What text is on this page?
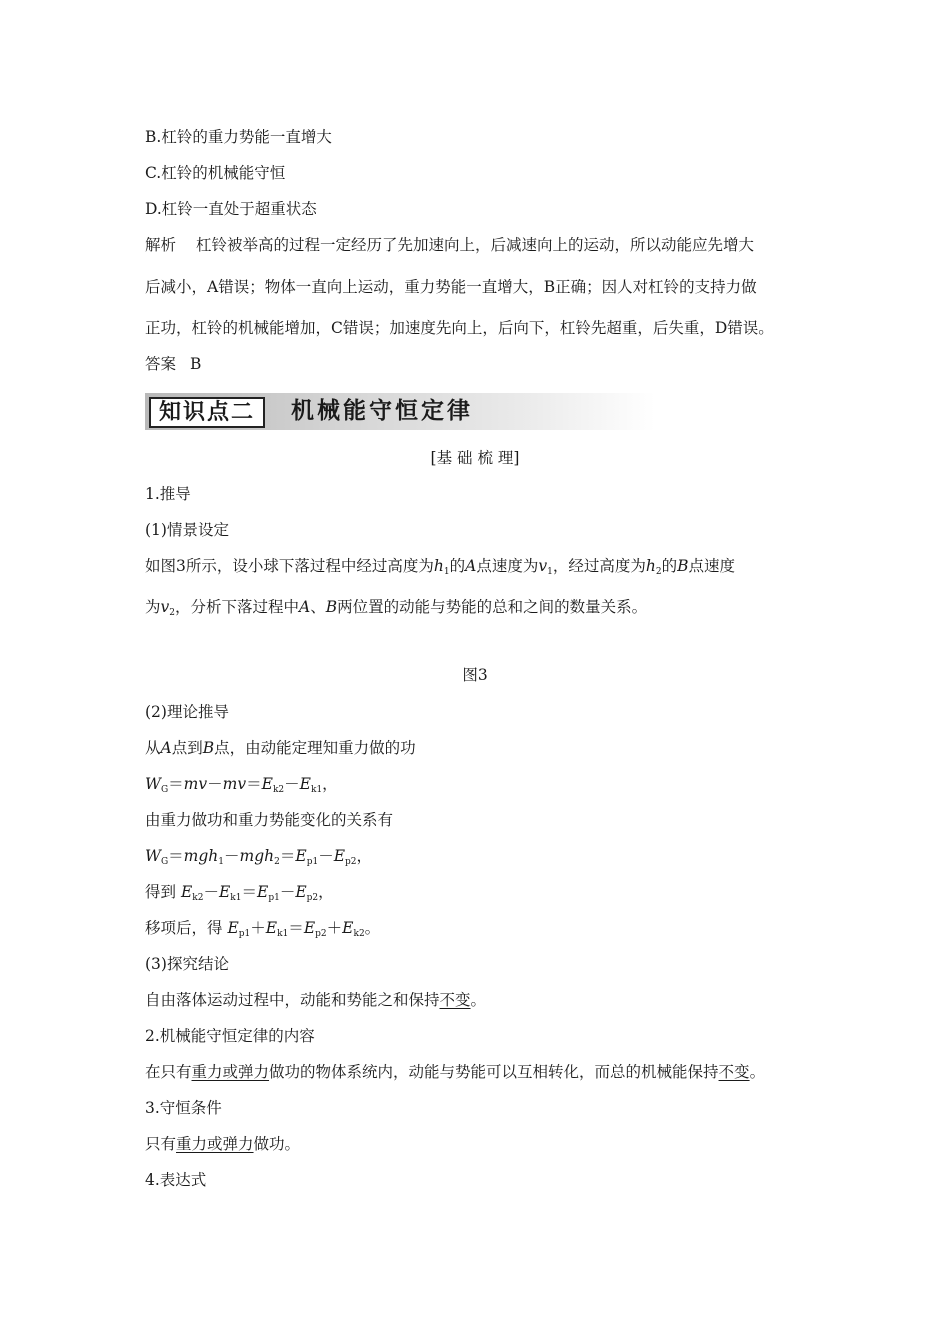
B.杠铃的重力势能一直增大
C.杠铃的机械能守恒
D.杠铃一直处于超重状态
解析 杠铃被举高的过程一定经历了先加速向上，后减速向上的运动，所以动能应先增大
后减小，A错误；物体一直向上运动，重力势能一直增大，B正确；因人对杠铃的支持力做
正功，杠铃的机械能增加，C错误；加速度先向上，后向下，杠铃先超重，后失重，D错误。
答案 B
知识点二	机械能守恒定律
[基 础 梳 理]
1.推导
(1)情景设定
如图3所示，设小球下落过程中经过高度为$h_1$的A点速度为$v_1$，经过高度为$h_2$的B点速度
为$v_2$，分析下落过程中A、B两位置的动能与势能的总和之间的数量关系。
图3
(2)理论推导
从A点到B点，由动能定理知重力做的功
$W_G=mv-mv=E_{k2}-E_{k1}$，
由重力做功和重力势能变化的关系有
$W_G=mgh_1-mgh_2=E_{p1}-E_{p2}$，
得到 $E_{k2}-E_{k1}=E_{p1}-E_{p2}$，
移项后，得 $E_{p1}+E_{k1}=E_{p2}+E_{k2}$。
(3)探究结论
自由落体运动过程中，动能和势能之和保持不变。
2.机械能守恒定律的内容
在只有重力或弹力做功的物体系统内，动能与势能可以互相转化，而总的机械能保持不变。
3.守恒条件
只有重力或弹力做功。
4.表达式
